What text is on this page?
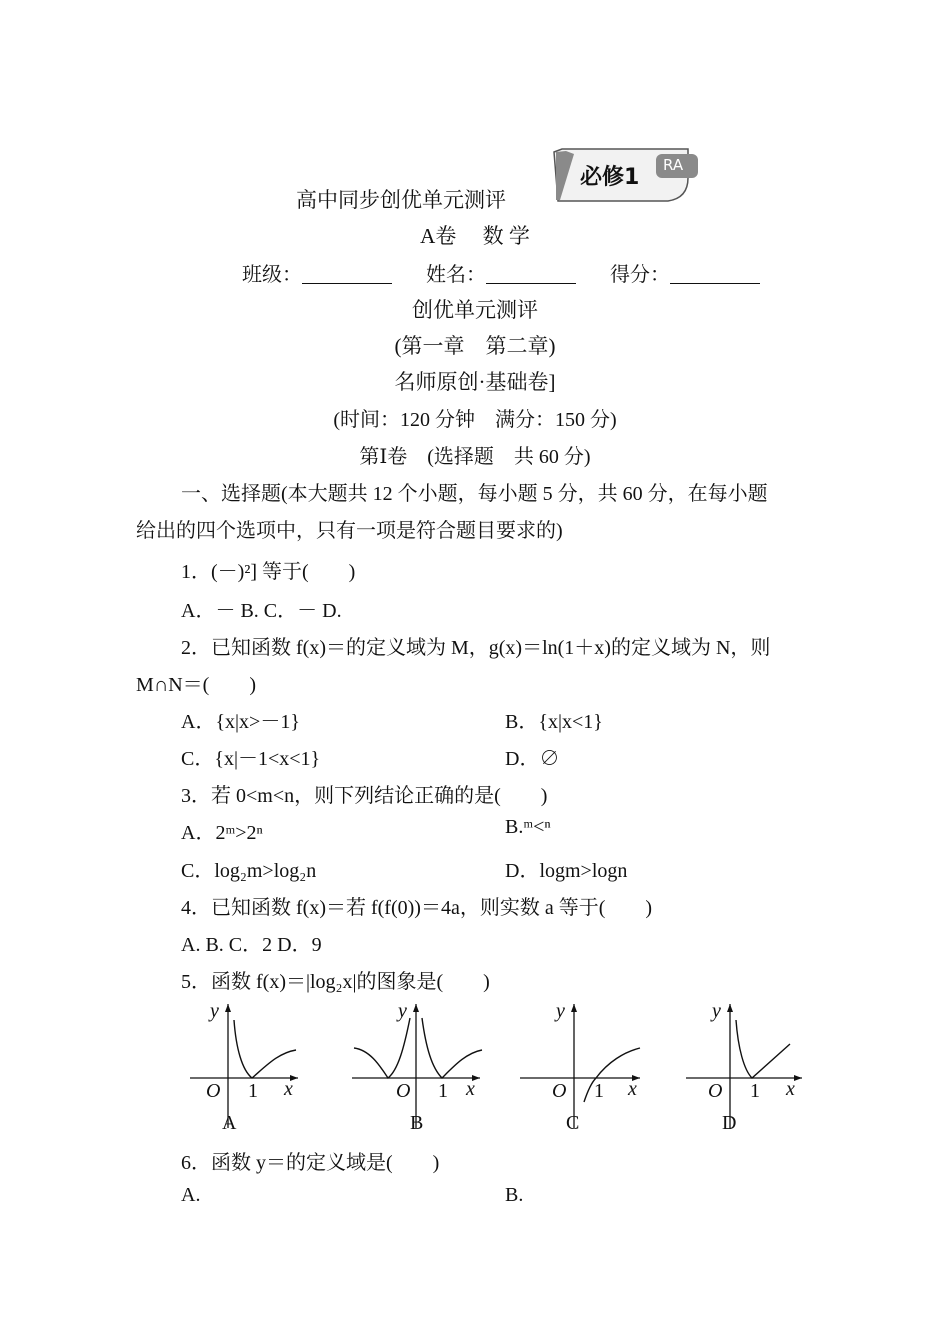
高中同步创优单元测评
必修1 RA
A卷　 数 学
班级：	姓名：	得分：
创优单元测评
(第一章　第二章)
名师原创·基础卷]
(时间：120 分钟　满分：150 分)
第Ⅰ卷　(选择题　共 60 分)
一、选择题(本大题共 12 个小题，每小题 5 分，共 60 分，在每小题
给出的四个选项中，只有一项是符合题目要求的)
1．(－)²] 等于(　　)
A．－ B. C．－ D.
2．已知函数 f(x)＝的定义域为 M，g(x)＝ln(1＋x)的定义域为 N，则
M∩N＝(　　)
A．{x|x>－1}	B．{x|x<1}
C．{x|－1<x<1}	D．∅
3．若 0<m<n，则下列结论正确的是(　　)
A．2ᵐ>2ⁿ	B.ᵐ<ⁿ
C．log₂m>log₂n	D．logm>logn
4．已知函数 f(x)＝若 f(f(0))＝4a，则实数 a 等于(　　)
A. B. C．2 D．9
5．函数 f(x)＝|log₂x|的图象是(　　)
y
O 1 x
A
y
O 1 x
B
y
O 1 x
C
y
O 1 x
D
6．函数 y＝的定义域是(　　)
A.	B.
